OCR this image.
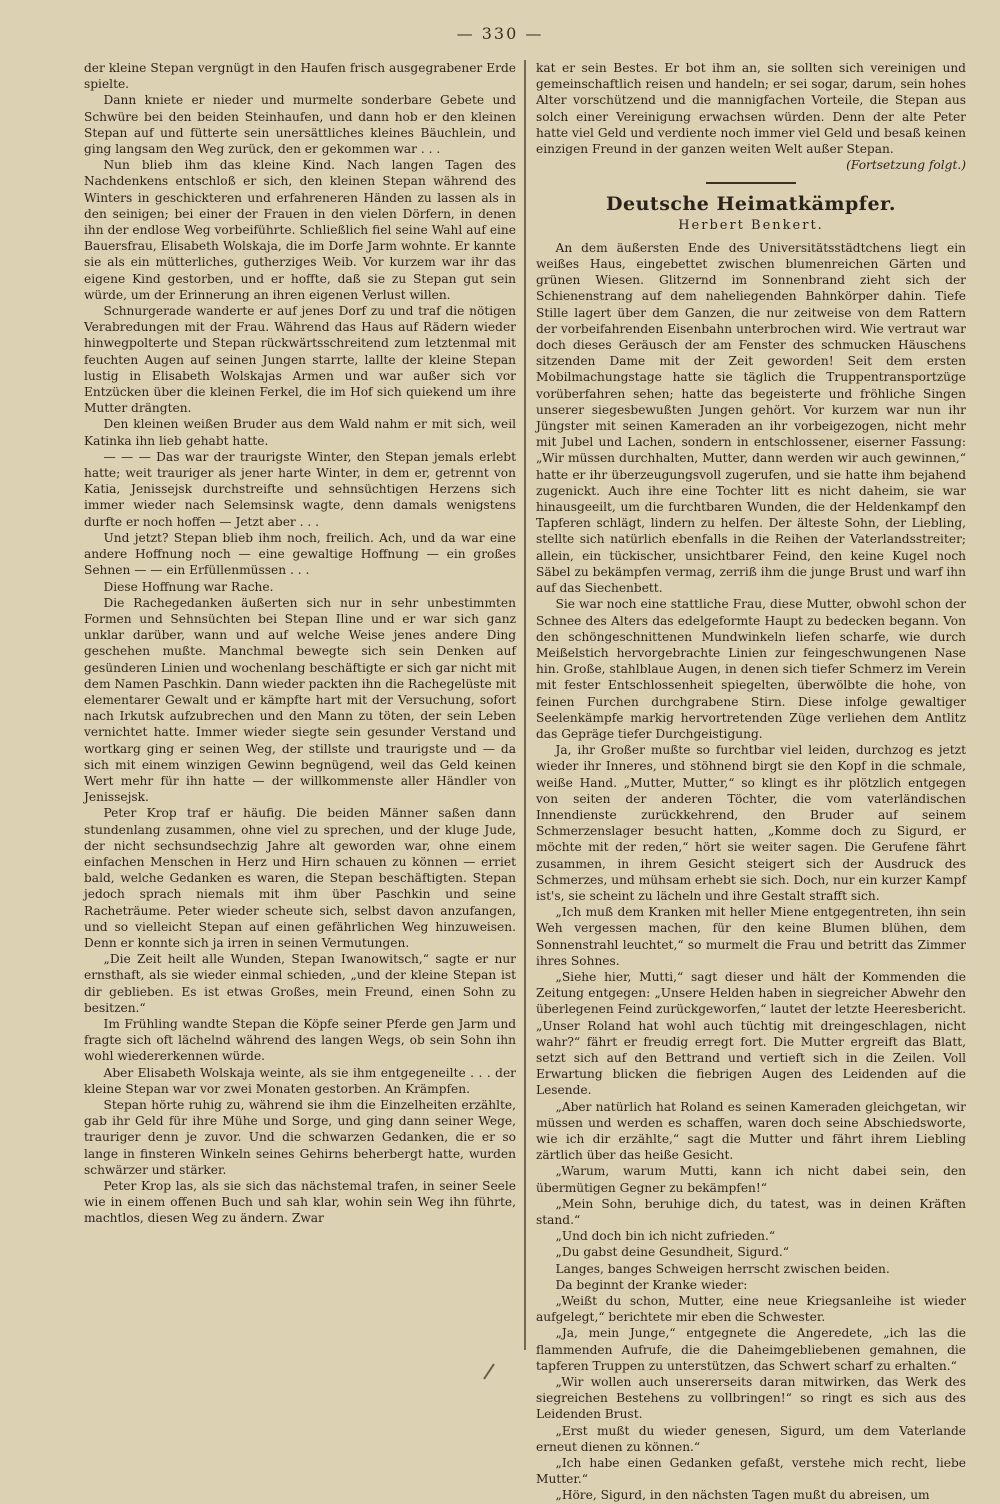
— 330 —

der kleine Stepan vergnügt in den Haufen frisch ausgegrabener Erde spielte.

Dann kniete er nieder und murmelte sonderbare Gebete und Schwüre bei den beiden Steinhaufen, und dann hob er den kleinen Stepan auf und fütterte sein unersättliches kleines Bäuchlein, und ging langsam den Weg zurück, den er gekommen war . . .

Nun blieb ihm das kleine Kind. Nach langen Tagen des Nachdenkens entschloß er sich, den kleinen Stepan während des Winters in geschickteren und erfahreneren Händen zu lassen als in den seinigen; bei einer der Frauen in den vielen Dörfern, in denen ihn der endlose Weg vorbeiführte. Schließlich fiel seine Wahl auf eine Bauersfrau, Elisabeth Wolskaja, die im Dorfe Jarm wohnte. Er kannte sie als ein mütterliches, gutherziges Weib. Vor kurzem war ihr das eigene Kind gestorben, und er hoffte, daß sie zu Stepan gut sein würde, um der Erinnerung an ihren eigenen Verlust willen.

Schnurgerade wanderte er auf jenes Dorf zu und traf die nötigen Verabredungen mit der Frau. Während das Haus auf Rädern wieder hinwegpolterte und Stepan rückwärtsschreitend zum letztenmal mit feuchten Augen auf seinen Jungen starrte, lallte der kleine Stepan lustig in Elisabeth Wolskajas Armen und war außer sich vor Entzücken über die kleinen Ferkel, die im Hof sich quiekend um ihre Mutter drängten.

Den kleinen weißen Bruder aus dem Wald nahm er mit sich, weil Katinka ihn lieb gehabt hatte.

— — — Das war der traurigste Winter, den Stepan jemals erlebt hatte; weit trauriger als jener harte Winter, in dem er, getrennt von Katia, Jenissejsk durchstreifte und sehnsüchtigen Herzens sich immer wieder nach Selemsinsk wagte, denn damals wenigstens durfte er noch hoffen — Jetzt aber . . .

Und jetzt? Stepan blieb ihm noch, freilich. Ach, und da war eine andere Hoffnung noch — eine gewaltige Hoffnung — ein großes Sehnen — — ein Erfüllenmüssen . . .

Diese Hoffnung war Rache.

Die Rachegedanken äußerten sich nur in sehr unbestimmten Formen und Sehnsüchten bei Stepan Iline und er war sich ganz unklar darüber, wann und auf welche Weise jenes andere Ding geschehen mußte. Manchmal bewegte sich sein Denken auf gesünderen Linien und wochenlang beschäftigte er sich gar nicht mit dem Namen Paschkin. Dann wieder packten ihn die Rachegelüste mit elementarer Gewalt und er kämpfte hart mit der Versuchung, sofort nach Irkutsk aufzubrechen und den Mann zu töten, der sein Leben vernichtet hatte. Immer wieder siegte sein gesunder Verstand und wortkarg ging er seinen Weg, der stillste und traurigste und — da sich mit einem winzigen Gewinn begnügend, weil das Geld keinen Wert mehr für ihn hatte — der willkommenste aller Händler von Jenissejsk.

Peter Krop traf er häufig. Die beiden Männer saßen dann stundenlang zusammen, ohne viel zu sprechen, und der kluge Jude, der nicht sechsundsechzig Jahre alt geworden war, ohne einem einfachen Menschen in Herz und Hirn schauen zu können — erriet bald, welche Gedanken es waren, die Stepan beschäftigten. Stepan jedoch sprach niemals mit ihm über Paschkin und seine Racheträume. Peter wieder scheute sich, selbst davon anzufangen, und so vielleicht Stepan auf einen gefährlichen Weg hinzuweisen. Denn er konnte sich ja irren in seinen Vermutungen.

„Die Zeit heilt alle Wunden, Stepan Iwanowitsch,“ sagte er nur ernsthaft, als sie wieder einmal schieden, „und der kleine Stepan ist dir geblieben. Es ist etwas Großes, mein Freund, einen Sohn zu besitzen.“

Im Frühling wandte Stepan die Köpfe seiner Pferde gen Jarm und fragte sich oft lächelnd während des langen Wegs, ob sein Sohn ihn wohl wiedererkennen würde.

Aber Elisabeth Wolskaja weinte, als sie ihm entgegeneilte . . . der kleine Stepan war vor zwei Monaten gestorben. An Krämpfen.

Stepan hörte ruhig zu, während sie ihm die Einzelheiten erzählte, gab ihr Geld für ihre Mühe und Sorge, und ging dann seiner Wege, trauriger denn je zuvor. Und die schwarzen Gedanken, die er so lange in finsteren Winkeln seines Gehirns beherbergt hatte, wurden schwärzer und stärker.

Peter Krop las, als sie sich das nächstemal trafen, in seiner Seele wie in einem offenen Buch und sah klar, wohin sein Weg ihn führte, machtlos, diesen Weg zu ändern. Zwar

kat er sein Bestes. Er bot ihm an, sie sollten sich vereinigen und gemeinschaftlich reisen und handeln; er sei sogar, darum, sein hohes Alter vorschützend und die mannigfachen Vorteile, die Stepan aus solch einer Vereinigung erwachsen würden. Denn der alte Peter hatte viel Geld und verdiente noch immer viel Geld und besaß keinen einzigen Freund in der ganzen weiten Welt außer Stepan.

(Fortsetzung folgt.)

Deutsche Heimatkämpfer.
Herbert Benkert.

An dem äußersten Ende des Universitätsstädtchens liegt ein weißes Haus, eingebettet zwischen blumenreichen Gärten und grünen Wiesen. Glitzernd im Sonnenbrand zieht sich der Schienenstrang auf dem naheliegenden Bahnkörper dahin. Tiefe Stille lagert über dem Ganzen, die nur zeitweise von dem Rattern der vorbeifahrenden Eisenbahn unterbrochen wird. Wie vertraut war doch dieses Geräusch der am Fenster des schmucken Häuschens sitzenden Dame mit der Zeit geworden! Seit dem ersten Mobilmachungstage hatte sie täglich die Truppentransportzüge vorüberfahren sehen; hatte das begeisterte und fröhliche Singen unserer siegesbewußten Jungen gehört. Vor kurzem war nun ihr Jüngster mit seinen Kameraden an ihr vorbeigezogen, nicht mehr mit Jubel und Lachen, sondern in entschlossener, eiserner Fassung: „Wir müssen durchhalten, Mutter, dann werden wir auch gewinnen,“ hatte er ihr überzeugungsvoll zugerufen, und sie hatte ihm bejahend zugenickt. Auch ihre eine Tochter litt es nicht daheim, sie war hinausgeeilt, um die furchtbaren Wunden, die der Heldenkampf den Tapferen schlägt, lindern zu helfen. Der älteste Sohn, der Liebling, stellte sich natürlich ebenfalls in die Reihen der Vaterlandsstreiter; allein, ein tückischer, unsichtbarer Feind, den keine Kugel noch Säbel zu bekämpfen vermag, zerriß ihm die junge Brust und warf ihn auf das Siechenbett.

Sie war noch eine stattliche Frau, diese Mutter, obwohl schon der Schnee des Alters das edelgeformte Haupt zu bedecken begann. Von den schöngeschnittenen Mundwinkeln liefen scharfe, wie durch Meißelstich hervorgebrachte Linien zur feingeschwungenen Nase hin. Große, stahlblaue Augen, in denen sich tiefer Schmerz im Verein mit fester Entschlossenheit spiegelten, überwölbte die hohe, von feinen Furchen durchgrabene Stirn. Diese infolge gewaltiger Seelenkämpfe markig hervortretenden Züge verliehen dem Antlitz das Gepräge tiefer Durchgeistigung.

Ja, ihr Großer mußte so furchtbar viel leiden, durchzog es jetzt wieder ihr Inneres, und stöhnend birgt sie den Kopf in die schmale, weiße Hand. „Mutter, Mutter,“ so klingt es ihr plötzlich entgegen von seiten der anderen Töchter, die vom vaterländischen Innendienste zurückkehrend, den Bruder auf seinem Schmerzenslager besucht hatten, „Komme doch zu Sigurd, er möchte mit der reden,“ hört sie weiter sagen. Die Gerufene fährt zusammen, in ihrem Gesicht steigert sich der Ausdruck des Schmerzes, und mühsam erhebt sie sich. Doch, nur ein kurzer Kampf ist's, sie scheint zu lächeln und ihre Gestalt strafft sich.

„Ich muß dem Kranken mit heller Miene entgegentreten, ihn sein Weh vergessen machen, für den keine Blumen blühen, dem Sonnenstrahl leuchtet,“ so murmelt die Frau und betritt das Zimmer ihres Sohnes.

„Siehe hier, Mutti,“ sagt dieser und hält der Kommenden die Zeitung entgegen: „Unsere Helden haben in siegreicher Abwehr den überlegenen Feind zurückgeworfen,“ lautet der letzte Heeresbericht. „Unser Roland hat wohl auch tüchtig mit dreingeschlagen, nicht wahr?“ fährt er freudig erregt fort. Die Mutter ergreift das Blatt, setzt sich auf den Bettrand und vertieft sich in die Zeilen. Voll Erwartung blicken die fiebrigen Augen des Leidenden auf die Lesende.

„Aber natürlich hat Roland es seinen Kameraden gleichgetan, wir müssen und werden es schaffen, waren doch seine Abschiedsworte, wie ich dir erzählte,“ sagt die Mutter und fährt ihrem Liebling zärtlich über das heiße Gesicht.

„Warum, warum Mutti, kann ich nicht dabei sein, den übermütigen Gegner zu bekämpfen!“

„Mein Sohn, beruhige dich, du tatest, was in deinen Kräften stand.“

„Und doch bin ich nicht zufrieden.“

„Du gabst deine Gesundheit, Sigurd.“

Langes, banges Schweigen herrscht zwischen beiden.

Da beginnt der Kranke wieder:

„Weißt du schon, Mutter, eine neue Kriegsanleihe ist wieder aufgelegt,“ berichtete mir eben die Schwester.

„Ja, mein Junge,“ entgegnete die Angeredete, „ich las die flammenden Aufrufe, die die Daheimgebliebenen gemahnen, die tapferen Truppen zu unterstützen, das Schwert scharf zu erhalten.“

„Wir wollen auch unsererseits daran mitwirken, das Werk des siegreichen Bestehens zu vollbringen!“ so ringt es sich aus des Leidenden Brust.

„Erst mußt du wieder genesen, Sigurd, um dem Vaterlande erneut dienen zu können.“

„Ich habe einen Gedanken gefaßt, verstehe mich recht, liebe Mutter.“

„Höre, Sigurd, in den nächsten Tagen mußt du abreisen, um
